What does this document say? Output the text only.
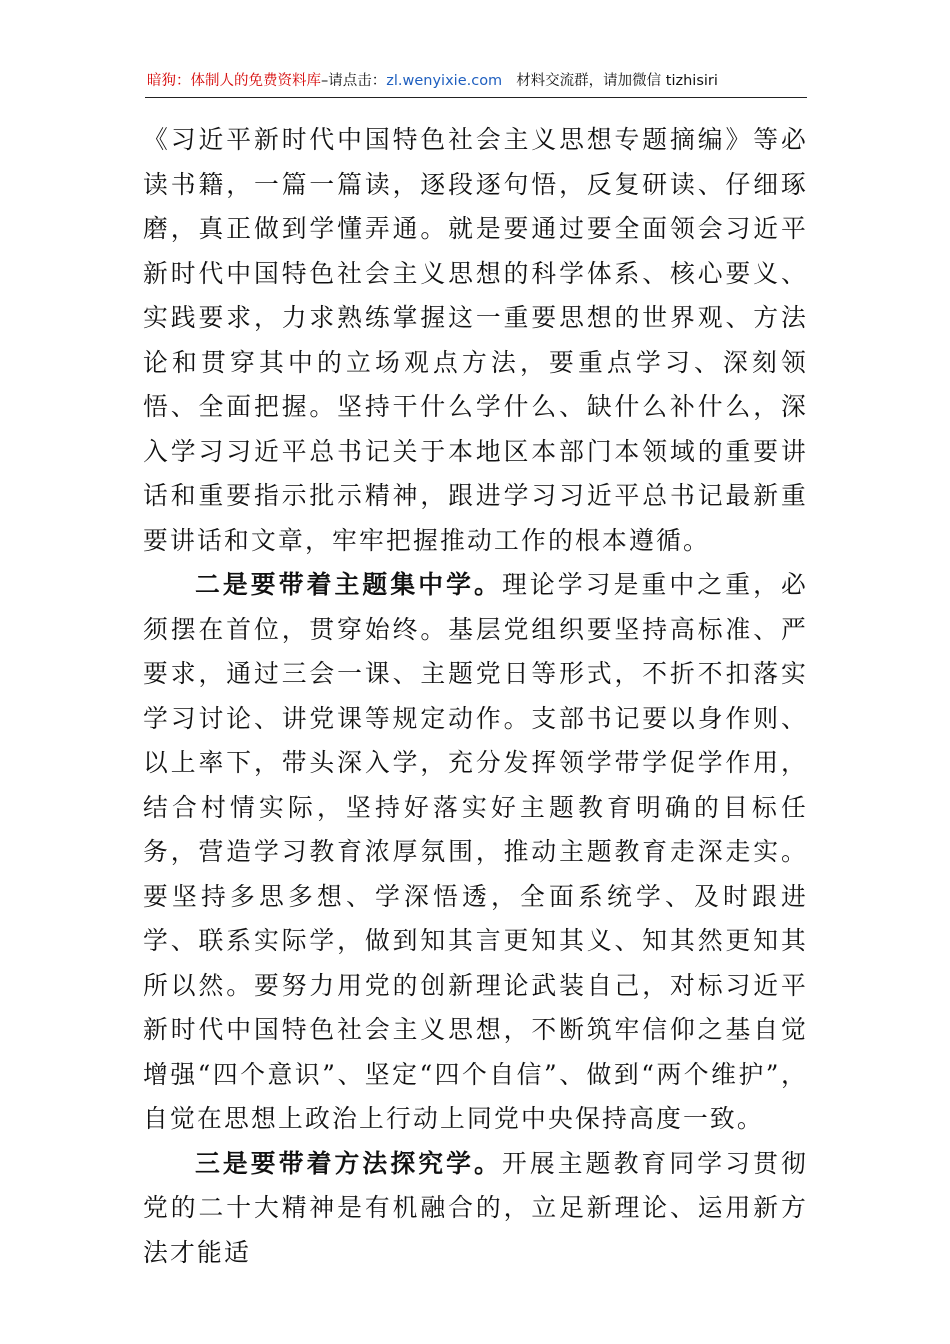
暗狗：体制人的免费资料库–请点击：zl.wenyixie.com 材料交流群，请加微信 tizhisiri

《习近平新时代中国特色社会主义思想专题摘编》等必读书籍，一篇一篇读，逐段逐句悟，反复研读、仔细琢磨，真正做到学懂弄通。就是要通过要全面领会习近平新时代中国特色社会主义思想的科学体系、核心要义、实践要求，力求熟练掌握这一重要思想的世界观、方法论和贯穿其中的立场观点方法，要重点学习、深刻领悟、全面把握。坚持干什么学什么、缺什么补什么，深入学习习近平总书记关于本地区本部门本领域的重要讲话和重要指示批示精神，跟进学习习近平总书记最新重要讲话和文章，牢牢把握推动工作的根本遵循。

二是要带着主题集中学。理论学习是重中之重，必须摆在首位，贯穿始终。基层党组织要坚持高标准、严要求，通过三会一课、主题党日等形式，不折不扣落实学习讨论、讲党课等规定动作。支部书记要以身作则、以上率下，带头深入学，充分发挥领学带学促学作用，结合村情实际，坚持好落实好主题教育明确的目标任务，营造学习教育浓厚氛围，推动主题教育走深走实。要坚持多思多想、学深悟透，全面系统学、及时跟进学、联系实际学，做到知其言更知其义、知其然更知其所以然。要努力用党的创新理论武装自己，对标习近平新时代中国特色社会主义思想，不断筑牢信仰之基自觉增强“四个意识”、坚定“四个自信”、做到“两个维护”，自觉在思想上政治上行动上同党中央保持高度一致。

三是要带着方法探究学。开展主题教育同学习贯彻党的二十大精神是有机融合的，立足新理论、运用新方法才能适
